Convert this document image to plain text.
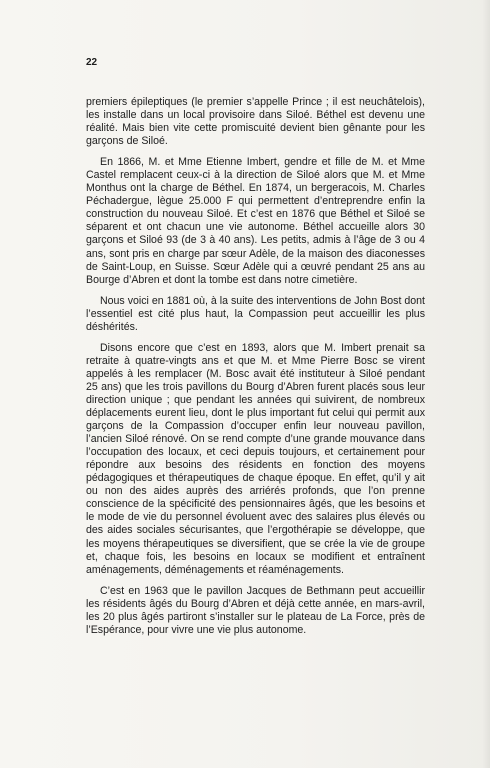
22

premiers épileptiques (le premier s’appelle Prince ; il est neuchâtelois), les installe dans un local provisoire dans Siloé. Béthel est devenu une réalité. Mais bien vite cette promiscuité devient bien gênante pour les garçons de Siloé.

En 1866, M. et Mme Etienne Imbert, gendre et fille de M. et Mme Castel remplacent ceux-ci à la direction de Siloé alors que M. et Mme Monthus ont la charge de Béthel. En 1874, un bergeracois, M. Charles Péchadergue, lègue 25.000 F qui permettent d’entreprendre enfin la construction du nouveau Siloé. Et c’est en 1876 que Béthel et Siloé se séparent et ont chacun une vie autonome. Béthel accueille alors 30 garçons et Siloé 93 (de 3 à 40 ans). Les petits, admis à l’âge de 3 ou 4 ans, sont pris en charge par sœur Adèle, de la maison des diaconesses de Saint-Loup, en Suisse. Sœur Adèle qui a œuvré pendant 25 ans au Bourge d’Abren et dont la tombe est dans notre cimetière.

Nous voici en 1881 où, à la suite des interventions de John Bost dont l’essentiel est cité plus haut, la Compassion peut accueillir les plus déshérités.

Disons encore que c’est en 1893, alors que M. Imbert prenait sa retraite à quatre-vingts ans et que M. et Mme Pierre Bosc se virent appelés à les remplacer (M. Bosc avait été instituteur à Siloé pendant 25 ans) que les trois pavillons du Bourg d’Abren furent placés sous leur direction unique ; que pendant les années qui suivirent, de nombreux déplacements eurent lieu, dont le plus important fut celui qui permit aux garçons de la Compassion d’occuper enfin leur nouveau pavillon, l’ancien Siloé rénové. On se rend compte d’une grande mouvance dans l’occupation des locaux, et ceci depuis toujours, et certainement pour répondre aux besoins des résidents en fonction des moyens pédagogiques et thérapeutiques de chaque époque. En effet, qu’il y ait ou non des aides auprès des arriérés profonds, que l’on prenne conscience de la spécificité des pensionnaires âgés, que les besoins et le mode de vie du personnel évoluent avec des salaires plus élevés ou des aides sociales sécurisantes, que l’ergothérapie se développe, que les moyens thérapeutiques se diversifient, que se crée la vie de groupe et, chaque fois, les besoins en locaux se modifient et entraînent aménagements, déménagements et réaménagements.

C’est en 1963 que le pavillon Jacques de Bethmann peut accueillir les résidents âgés du Bourg d’Abren et déjà cette année, en mars-avril, les 20 plus âgés partiront s’installer sur le plateau de La Force, près de l’Espérance, pour vivre une vie plus autonome.
